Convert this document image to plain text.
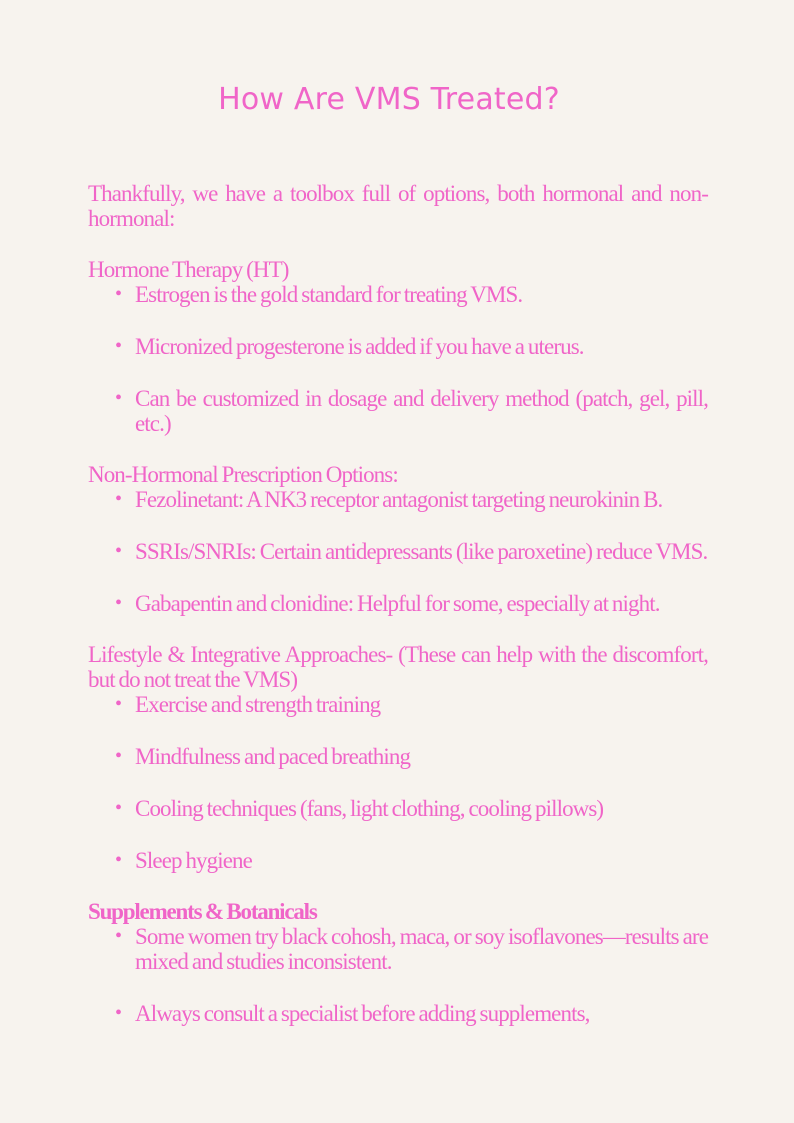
How Are VMS Treated?

Thankfully, we have a toolbox full of options, both hormonal and non-hormonal:

Hormone Therapy (HT)

• Estrogen is the gold standard for treating VMS.
• Micronized progesterone is added if you have a uterus.
• Can be customized in dosage and delivery method (patch, gel, pill, etc.)

Non-Hormonal Prescription Options:

• Fezolinetant: A NK3 receptor antagonist targeting neurokinin B.
• SSRIs/SNRIs: Certain antidepressants (like paroxetine) reduce VMS.
• Gabapentin and clonidine: Helpful for some, especially at night.

Lifestyle & Integrative Approaches- (These can help with the discomfort, but do not treat the VMS)

• Exercise and strength training
• Mindfulness and paced breathing
• Cooling techniques (fans, light clothing, cooling pillows)
• Sleep hygiene

Supplements & Botanicals

• Some women try black cohosh, maca, or soy isoflavones—results are mixed and studies inconsistent.
• Always consult a specialist before adding supplements,
